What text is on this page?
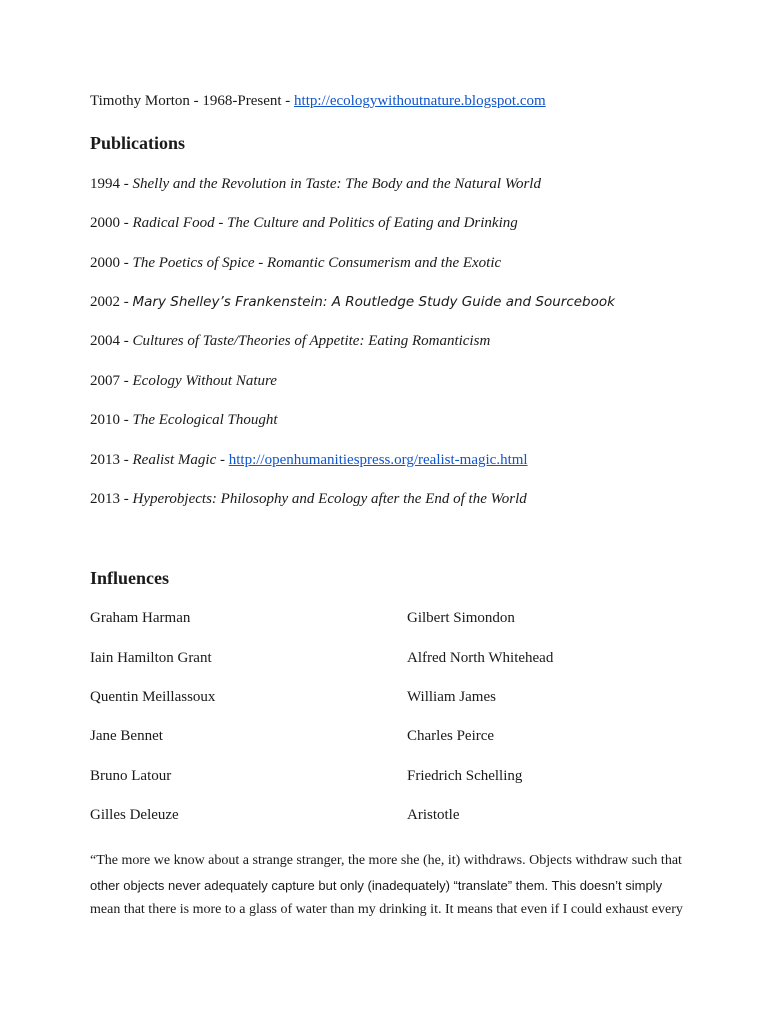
Timothy Morton - 1968-Present - http://ecologywithoutnature.blogspot.com
Publications
1994 - Shelly and the Revolution in Taste: The Body and the Natural World
2000 - Radical Food - The Culture and Politics of Eating and Drinking
2000 - The Poetics of Spice - Romantic Consumerism and the Exotic
2002 - Mary Shelley’s Frankenstein: A Routledge Study Guide and Sourcebook
2004 - Cultures of Taste/Theories of Appetite: Eating Romanticism
2007 - Ecology Without Nature
2010 - The Ecological Thought
2013 - Realist Magic - http://openhumanitiespress.org/realist-magic.html
2013 - Hyperobjects: Philosophy and Ecology after the End of the World
Influences
Graham Harman
Iain Hamilton Grant
Quentin Meillassoux
Jane Bennet
Bruno Latour
Gilles Deleuze
Gilbert Simondon
Alfred North Whitehead
William James
Charles Peirce
Friedrich Schelling
Aristotle
“The more we know about a strange stranger, the more she (he, it) withdraws. Objects withdraw such that
other objects never adequately capture but only (inadequately) “translate” them. This doesn’t simply
mean that there is more to a glass of water than my drinking it. It means that even if I could exhaust every
